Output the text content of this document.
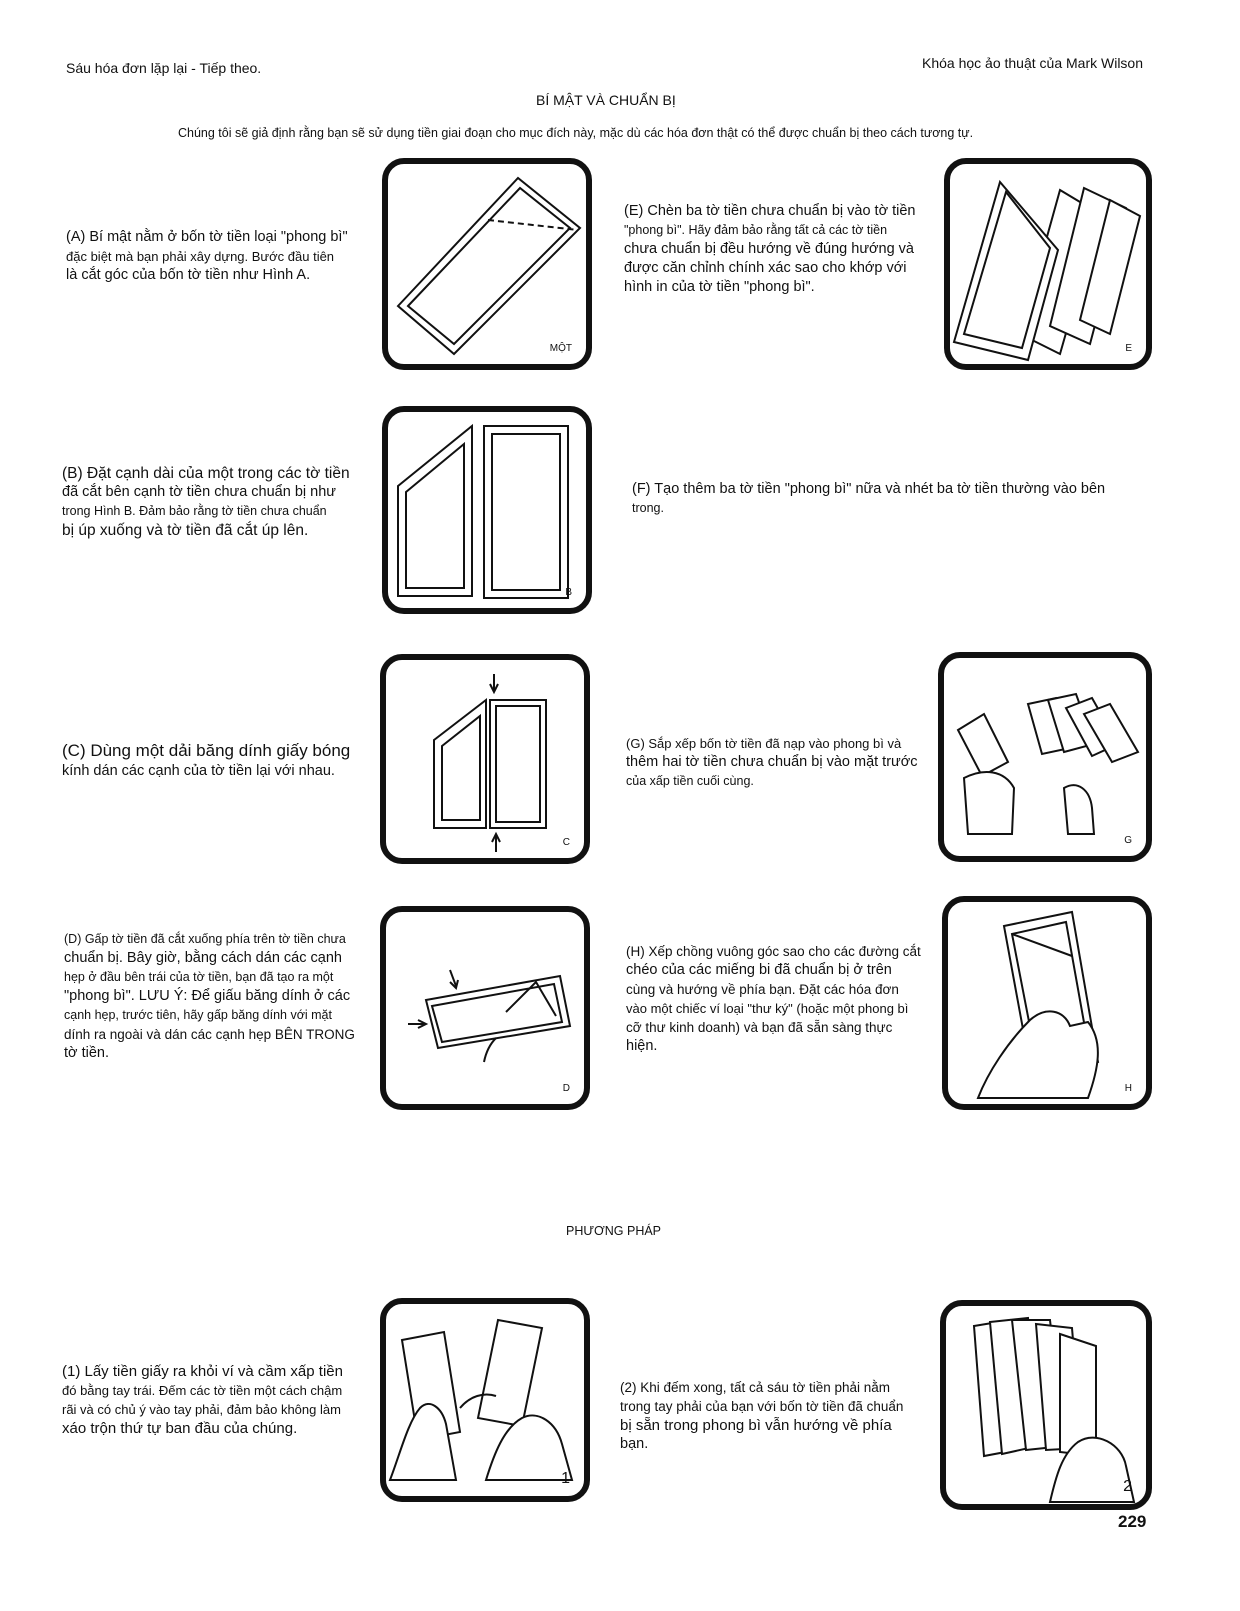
Sáu hóa đơn lặp lại - Tiếp theo.	Khóa học ảo thuật của Mark Wilson
BÍ MẬT VÀ CHUẨN BỊ
Chúng tôi sẽ giả định rằng bạn sẽ sử dụng tiền giai đoạn cho mục đích này, mặc dù các hóa đơn thật có thể được chuẩn bị theo cách tương tự.
(A) Bí mật nằm ở bốn tờ tiền loại "phong bì"
đặc biệt mà bạn phải xây dựng. Bước đầu tiên
là cắt góc của bốn tờ tiền như Hình A.
MỘT
(E) Chèn ba tờ tiền chưa chuẩn bị vào tờ tiền
"phong bì". Hãy đảm bảo rằng tất cả các tờ tiền
chưa chuẩn bị đều hướng về đúng hướng và
được căn chỉnh chính xác sao cho khớp với
hình in của tờ tiền "phong bì".
E
(B) Đặt cạnh dài của một trong các tờ tiền
đã cắt bên cạnh tờ tiền chưa chuẩn bị như
trong Hình B. Đảm bảo rằng tờ tiền chưa chuẩn
bị úp xuống và tờ tiền đã cắt úp lên.
B
(F) Tạo thêm ba tờ tiền "phong bì" nữa và nhét ba tờ tiền thường vào bên
trong.
(C) Dùng một dải băng dính giấy bóng
kính dán các cạnh của tờ tiền lại với nhau.
C
(G) Sắp xếp bốn tờ tiền đã nạp vào phong bì và
thêm hai tờ tiền chưa chuẩn bị vào mặt trước
của xấp tiền cuối cùng.
G
(D) Gấp tờ tiền đã cắt xuống phía trên tờ tiền chưa
chuẩn bị. Bây giờ, bằng cách dán các cạnh
hẹp ở đầu bên trái của tờ tiền, bạn đã tạo ra một
"phong bì". LƯU Ý: Để giấu băng dính ở các
cạnh hẹp, trước tiên, hãy gấp băng dính với mặt
dính ra ngoài và dán các cạnh hẹp BÊN TRONG
tờ tiền.
D
(H) Xếp chồng vuông góc sao cho các đường cắt
chéo của các miếng bi đã chuẩn bị ở trên
cùng và hướng về phía bạn. Đặt các hóa đơn
vào một chiếc ví loại "thư ký" (hoặc một phong bì
cỡ thư kinh doanh) và bạn đã sẵn sàng thực
hiện.
H
PHƯƠNG PHÁP
(1) Lấy tiền giấy ra khỏi ví và cầm xấp tiền
đó bằng tay trái. Đếm các tờ tiền một cách chậm
rãi và có chủ ý vào tay phải, đảm bảo không làm
xáo trộn thứ tự ban đầu của chúng.
1
(2) Khi đếm xong, tất cả sáu tờ tiền phải nằm
trong tay phải của bạn với bốn tờ tiền đã chuẩn
bị sẵn trong phong bì vẫn hướng về phía
bạn.
2
229
